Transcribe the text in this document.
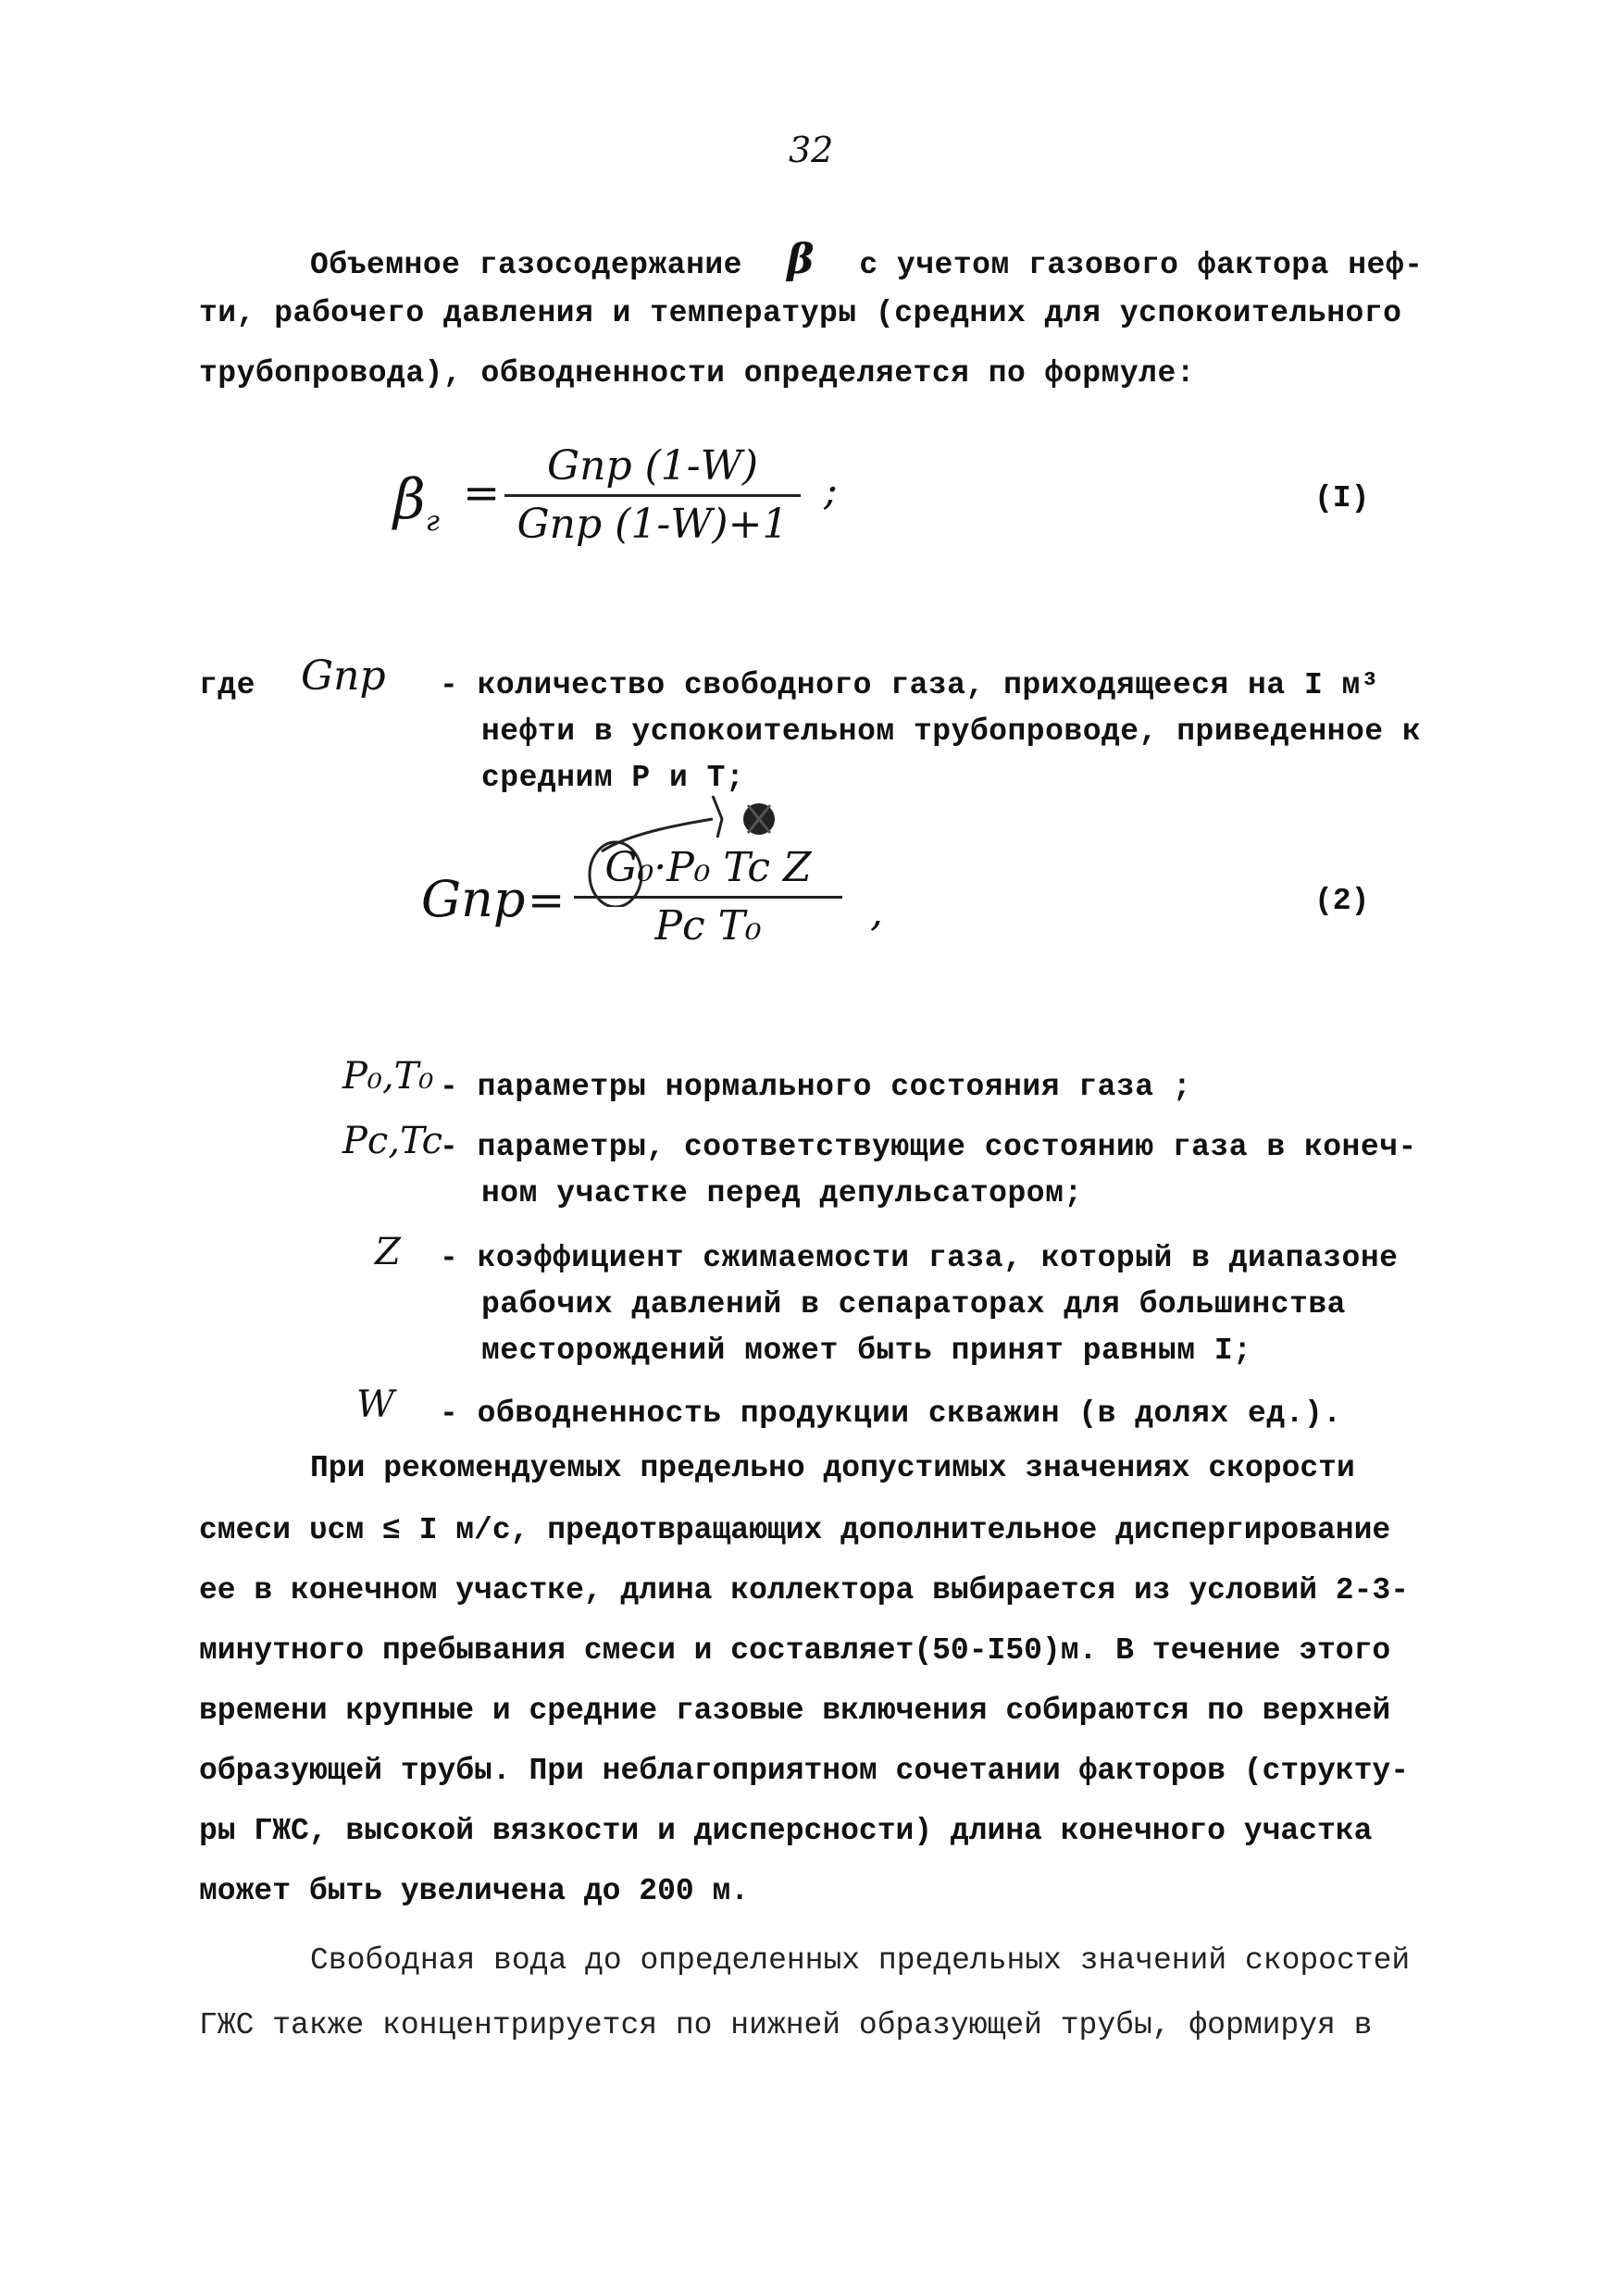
32
Объемное газосодержание β с учетом газового фактора неф-
ти, рабочего давления и температуры (средних для успокоительного
трубопровода), обводненности определяется по формуле:
$\beta_г$
=
Gпр (1-W)
Gпр (1-W)+1
;	(I)
где Gпр - количество свободного газа, приходящееся на I м³
нефти в успокоительном трубопроводе, приведенное к
средним Р и Т;
Gпр =
G₀·P₀ Tc Z
Pc T₀	,	(2)
P₀,T₀ - параметры нормального состояния газа ;
Pc,Tc
- параметры, соответствующие состоянию газа в конеч-
ном участке перед депульсатором;
Z - коэффициент сжимаемости газа, который в диапазоне
рабочих давлений в сепараторах для большинства
месторождений может быть принят равным I;
W - обводненность продукции скважин (в долях ед.).
При рекомендуемых предельно допустимых значениях скорости
смеси υсм ≤ I м/с, предотвращающих дополнительное диспергирование
ее в конечном участке, длина коллектора выбирается из условий 2-3-
минутного пребывания смеси и составляет(50-I50)м. В течение этого
времени крупные и средние газовые включения собираются по верхней
образующей трубы. При неблагоприятном сочетании факторов (структу-
ры ГЖС, высокой вязкости и дисперсности) длина конечного участка
может быть увеличена до 200 м.
Свободная вода до определенных предельных значений скоростей
ГЖС также концентрируется по нижней образующей трубы, формируя в
